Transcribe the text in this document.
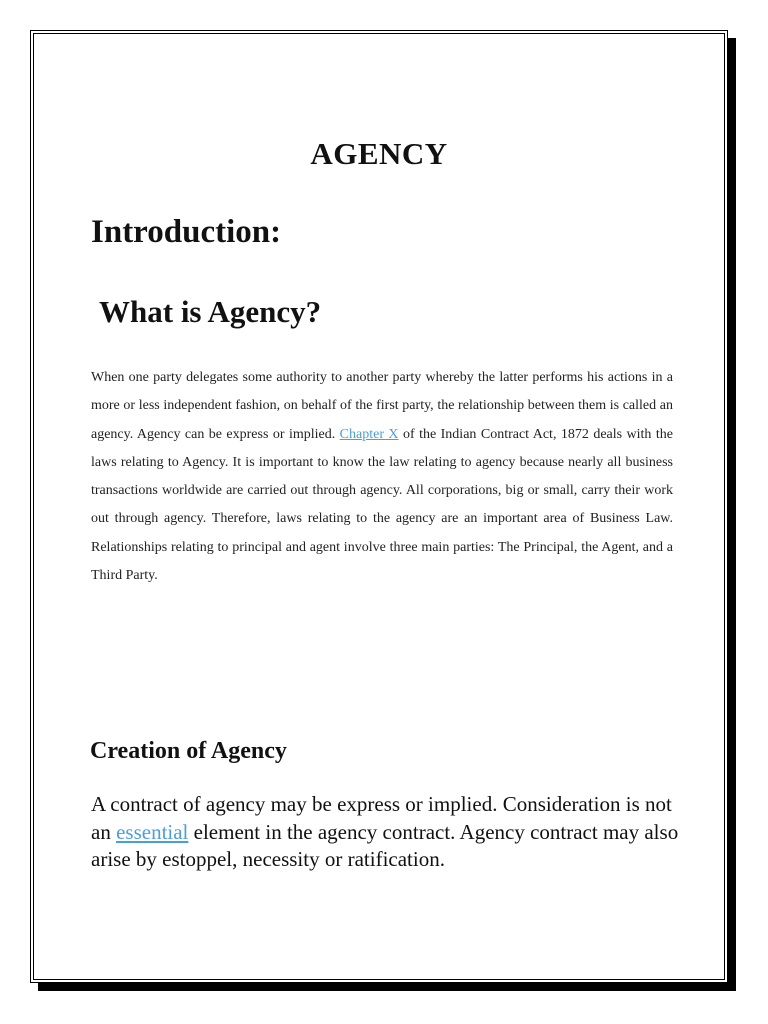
AGENCY
Introduction:
What is Agency?

When one party delegates some authority to another party whereby the latter performs his actions in a more or less independent fashion, on behalf of the first party, the relationship between them is called an agency. Agency can be express or implied. Chapter X of the Indian Contract Act, 1872 deals with the laws relating to Agency. It is important to know the law relating to agency because nearly all business transactions worldwide are carried out through agency. All corporations, big or small, carry their work out through agency. Therefore, laws relating to the agency are an important area of Business Law. Relationships relating to principal and agent involve three main parties: The Principal, the Agent, and a Third Party.

Creation of Agency

A contract of agency may be express or implied. Consideration is not an essential element in the agency contract. Agency contract may also arise by estoppel, necessity or ratification.
